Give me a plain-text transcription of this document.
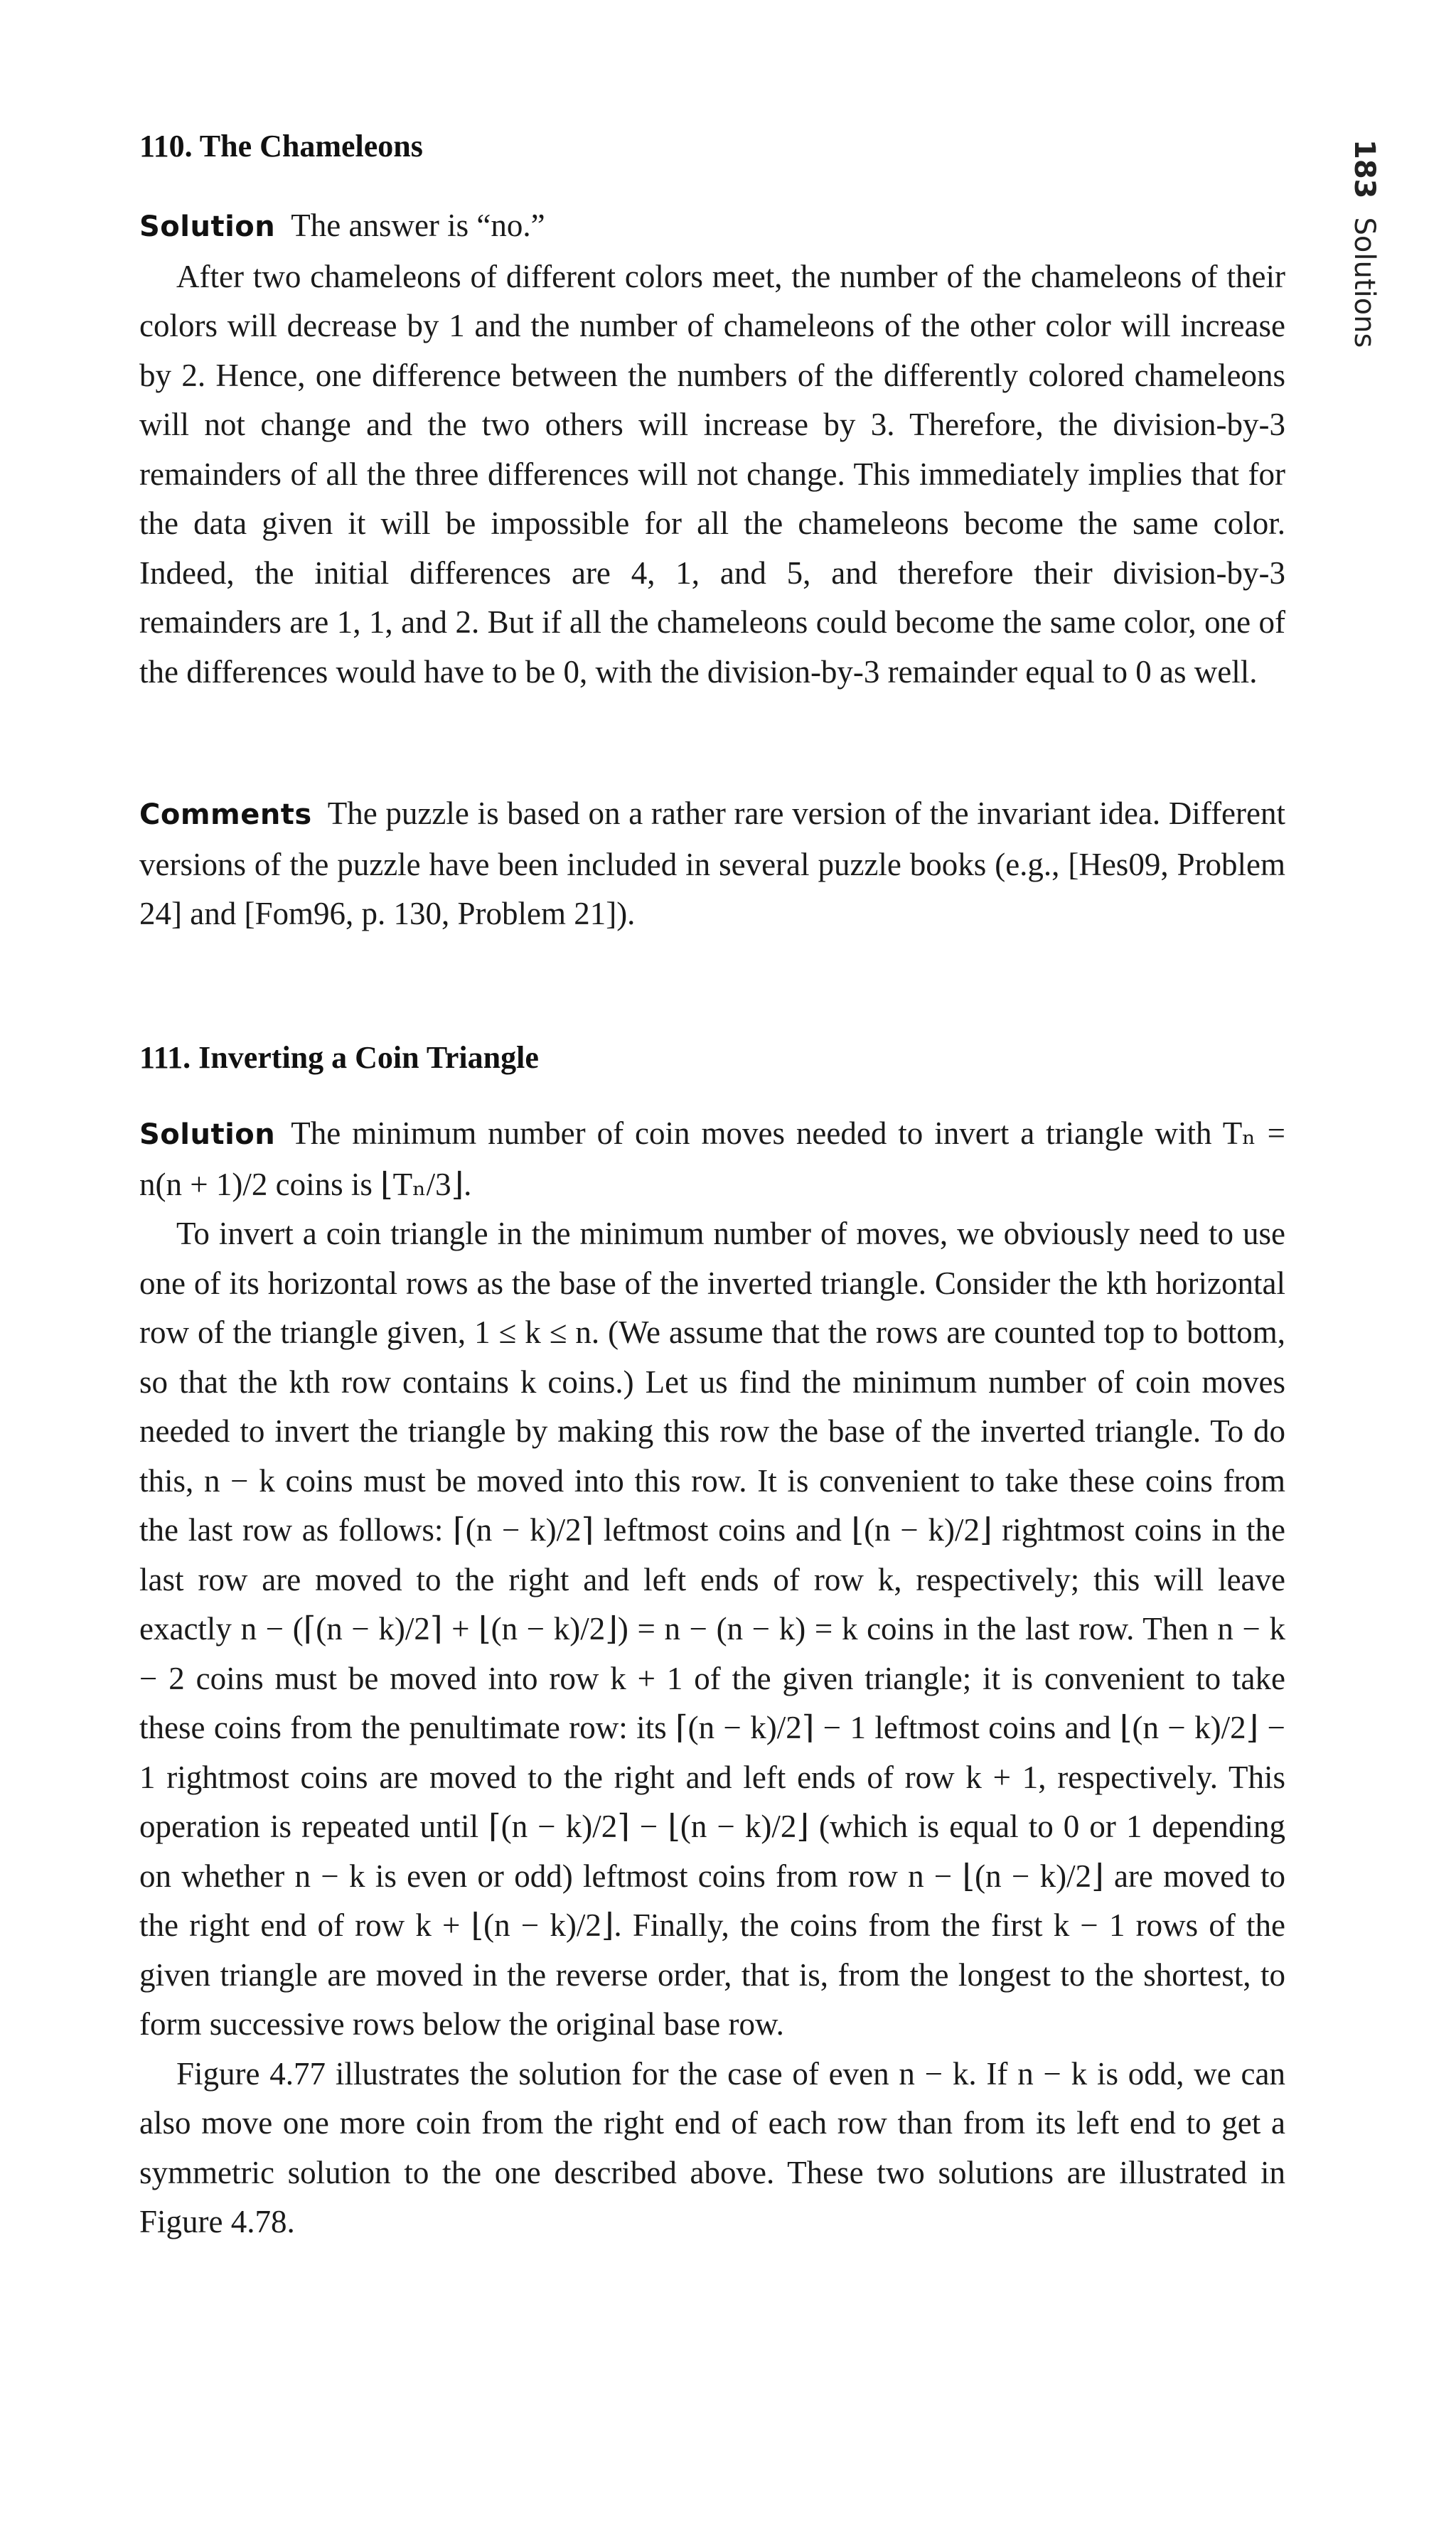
183Solutions
110. The Chameleons

Solution The answer is “no.”

After two chameleons of different colors meet, the number of the chameleons of their colors will decrease by 1 and the number of chameleons of the other color will increase by 2. Hence, one difference between the numbers of the differently colored chameleons will not change and the two others will increase by 3. Therefore, the division-by-3 remainders of all the three differences will not change. This immediately implies that for the data given it will be impossible for all the chameleons become the same color. Indeed, the initial differences are 4, 1, and 5, and therefore their division-by-3 remainders are 1, 1, and 2. But if all the chameleons could become the same color, one of the differences would have to be 0, with the division-by-3 remainder equal to 0 as well.

Comments The puzzle is based on a rather rare version of the invariant idea. Different versions of the puzzle have been included in several puzzle books (e.g., [Hes09, Problem 24] and [Fom96, p. 130, Problem 21]).

111. Inverting a Coin Triangle

Solution The minimum number of coin moves needed to invert a triangle with Tₙ = n(n + 1)/2 coins is ⌊Tₙ/3⌋.

To invert a coin triangle in the minimum number of moves, we obviously need to use one of its horizontal rows as the base of the inverted triangle. Consider the kth horizontal row of the triangle given, 1 ≤ k ≤ n. (We assume that the rows are counted top to bottom, so that the kth row contains k coins.) Let us find the minimum number of coin moves needed to invert the triangle by making this row the base of the inverted triangle. To do this, n − k coins must be moved into this row. It is convenient to take these coins from the last row as follows: ⌈(n − k)/2⌉ leftmost coins and ⌊(n − k)/2⌋ rightmost coins in the last row are moved to the right and left ends of row k, respectively; this will leave exactly n − (⌈(n − k)/2⌉ + ⌊(n − k)/2⌋) = n − (n − k) = k coins in the last row. Then n − k − 2 coins must be moved into row k + 1 of the given triangle; it is convenient to take these coins from the penultimate row: its ⌈(n − k)/2⌉ − 1 leftmost coins and ⌊(n − k)/2⌋ − 1 rightmost coins are moved to the right and left ends of row k + 1, respectively. This operation is repeated until ⌈(n − k)/2⌉ − ⌊(n − k)/2⌋ (which is equal to 0 or 1 depending on whether n − k is even or odd) leftmost coins from row n − ⌊(n − k)/2⌋ are moved to the right end of row k + ⌊(n − k)/2⌋. Finally, the coins from the first k − 1 rows of the given triangle are moved in the reverse order, that is, from the longest to the shortest, to form successive rows below the original base row.

Figure 4.77 illustrates the solution for the case of even n − k. If n − k is odd, we can also move one more coin from the right end of each row than from its left end to get a symmetric solution to the one described above. These two solutions are illustrated in Figure 4.78.
